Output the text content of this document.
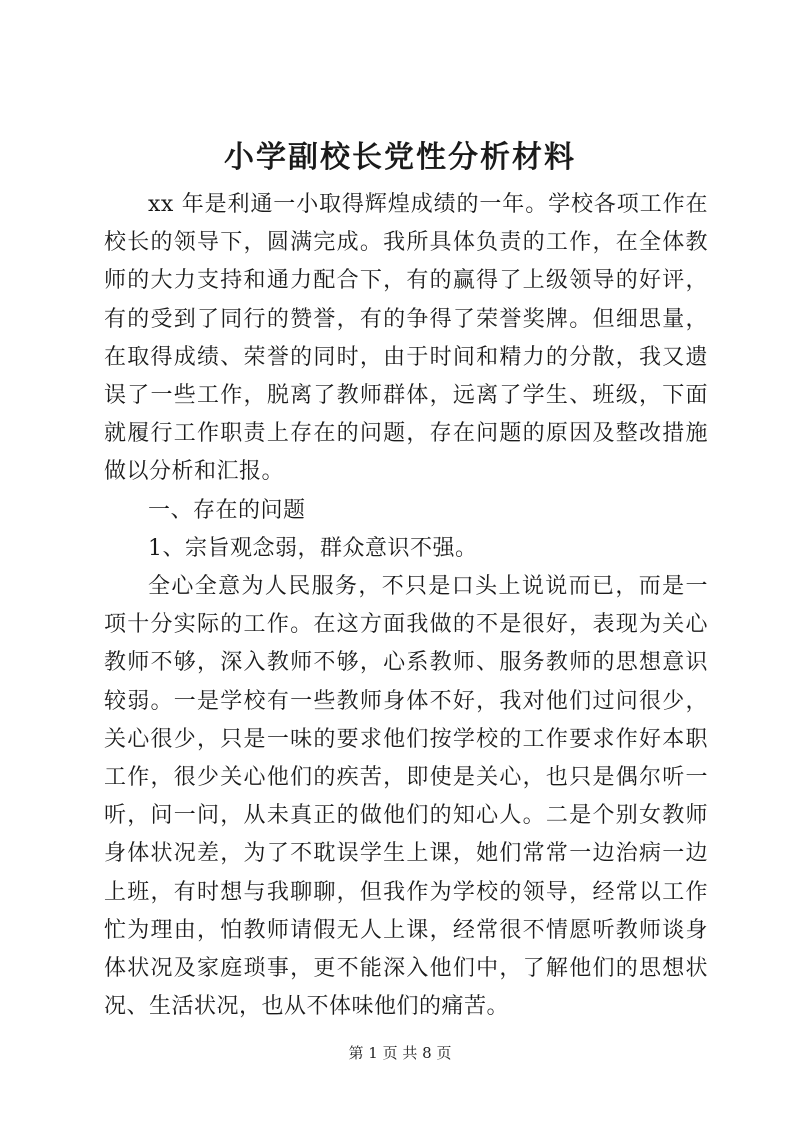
小学副校长党性分析材料

xx 年是利通一小取得辉煌成绩的一年。学校各项工作在校长的领导下，圆满完成。我所具体负责的工作，在全体教师的大力支持和通力配合下，有的赢得了上级领导的好评，有的受到了同行的赞誉，有的争得了荣誉奖牌。但细思量，在取得成绩、荣誉的同时，由于时间和精力的分散，我又遗误了一些工作，脱离了教师群体，远离了学生、班级，下面就履行工作职责上存在的问题，存在问题的原因及整改措施做以分析和汇报。

一、存在的问题

1、宗旨观念弱，群众意识不强。

全心全意为人民服务，不只是口头上说说而已，而是一项十分实际的工作。在这方面我做的不是很好，表现为关心教师不够，深入教师不够，心系教师、服务教师的思想意识较弱。一是学校有一些教师身体不好，我对他们过问很少，关心很少，只是一味的要求他们按学校的工作要求作好本职工作，很少关心他们的疾苦，即使是关心，也只是偶尔听一听，问一问，从未真正的做他们的知心人。二是个别女教师身体状况差，为了不耽误学生上课，她们常常一边治病一边上班，有时想与我聊聊，但我作为学校的领导，经常以工作忙为理由，怕教师请假无人上课，经常很不情愿听教师谈身体状况及家庭琐事，更不能深入他们中，了解他们的思想状况、生活状况，也从不体味他们的痛苦。

第 1 页 共 8 页
